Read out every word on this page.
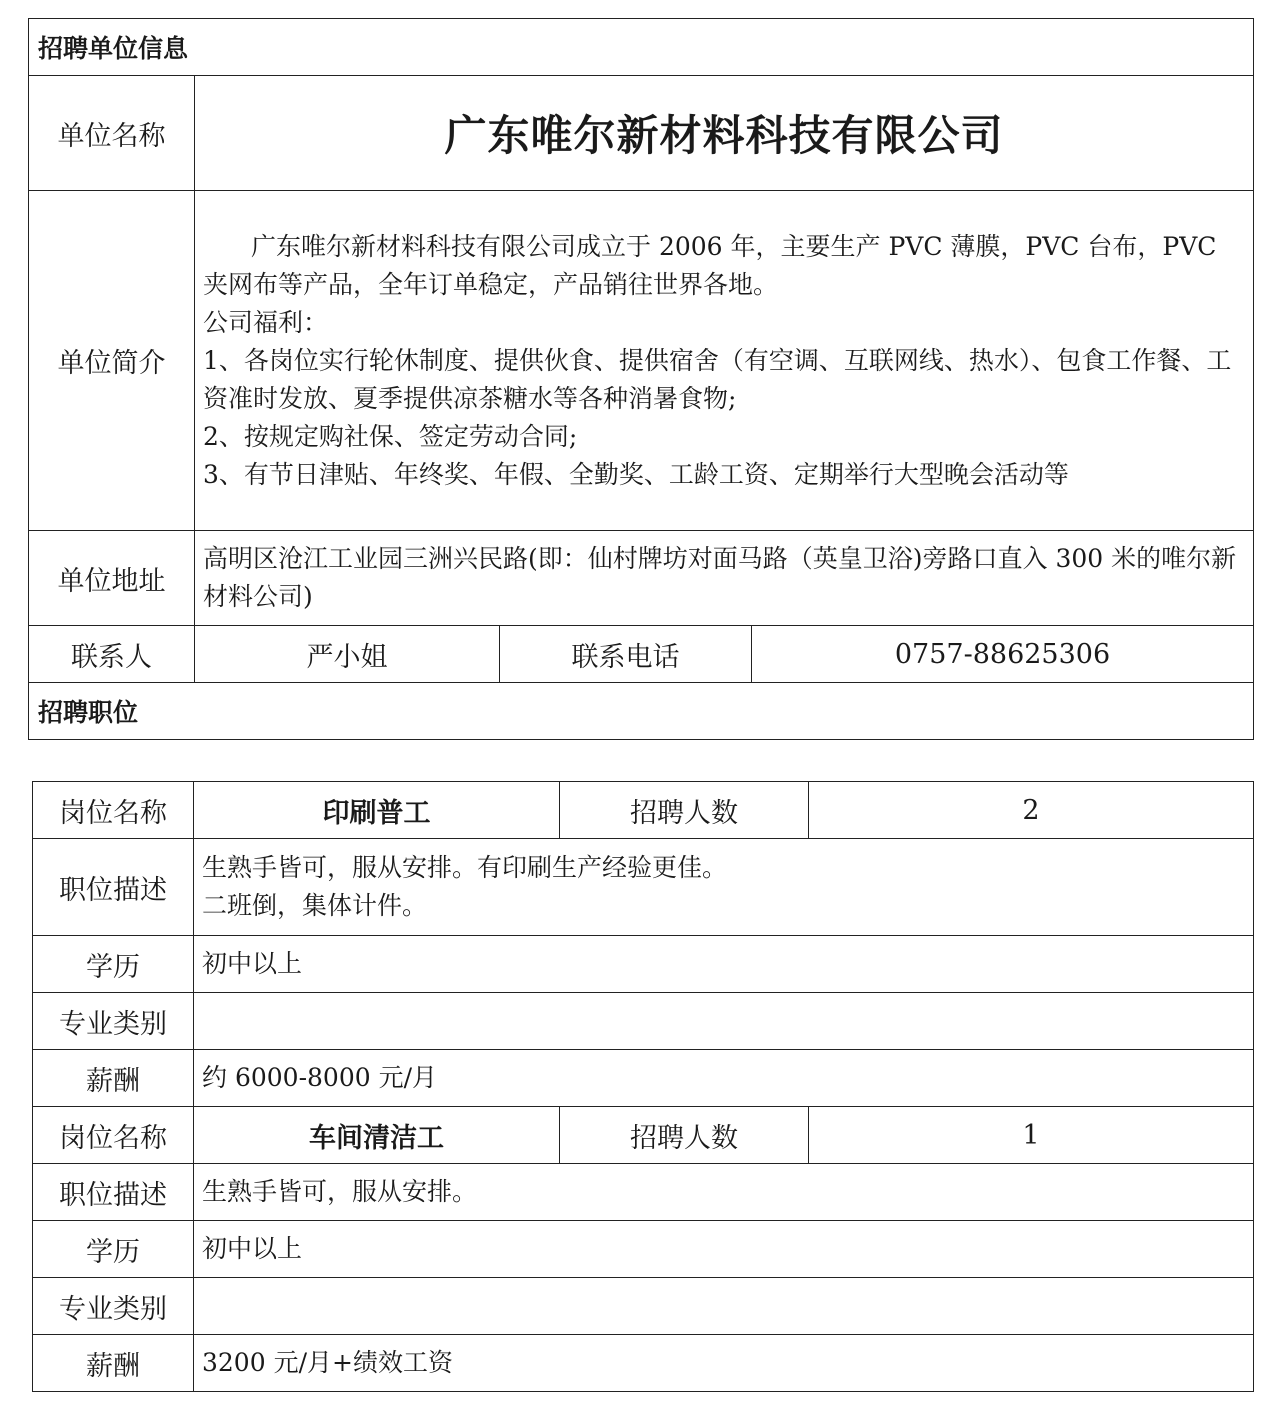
招聘单位信息			
单位名称	广东唯尔新材料科技有限公司		
单位简介	广东唯尔新材料科技有限公司成立于 2006 年，主要生产 PVC 薄膜，PVC 台布，PVC 夹网布等产品，全年订单稳定，产品销往世界各地。
公司福利：
1、各岗位实行轮休制度、提供伙食、提供宿舍（有空调、互联网线、热水）、包食工作餐、工资准时发放、夏季提供凉茶糖水等各种消暑食物;
2、按规定购社保、签定劳动合同;
3、有节日津贴、年终奖、年假、全勤奖、工龄工资、定期举行大型晚会活动等		

单位地址	高明区沧江工业园三洲兴民路(即：仙村牌坊对面马路（英皇卫浴)旁路口直入 300 米的唯尔新材料公司)		
联系人	严小姐	联系电话	0757-88625306
招聘职位			
岗位名称	印刷普工	招聘人数	2
职位描述	生熟手皆可，服从安排。有印刷生产经验更佳。
二班倒，集体计件。		

学历	初中以上		
专业类别			
薪酬	约 6000-8000 元/月		
岗位名称	车间清洁工	招聘人数	1
职位描述	生熟手皆可，服从安排。		
学历	初中以上		
专业类别			
薪酬	3200 元/月+绩效工资		
